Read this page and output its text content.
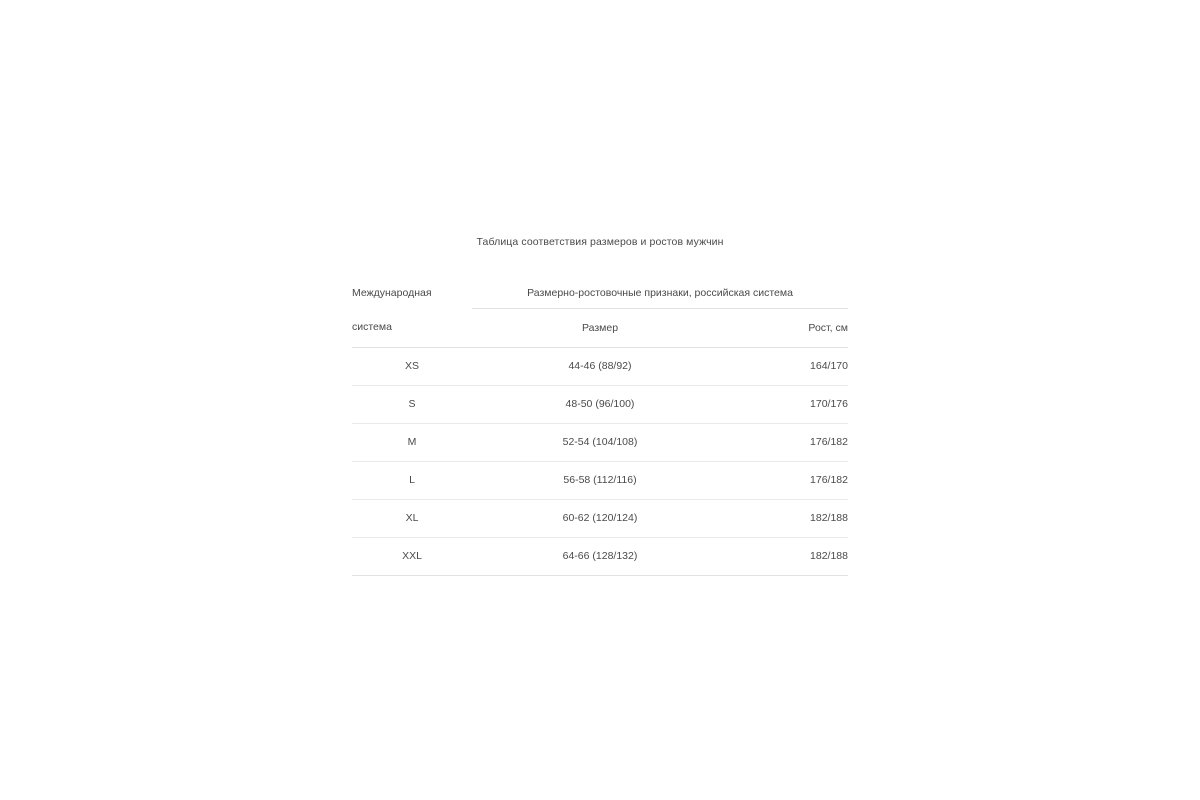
Таблица соответствия размеров и ростов мужчин
Международная	Размерно-ростовочные признаки, российская система	
система	Размер	Рост, см
XS	44-46 (88/92)	164/170
S	48-50 (96/100)	170/176
M	52-54 (104/108)	176/182
L	56-58 (112/116)	176/182
XL	60-62 (120/124)	182/188
XXL	64-66 (128/132)	182/188
